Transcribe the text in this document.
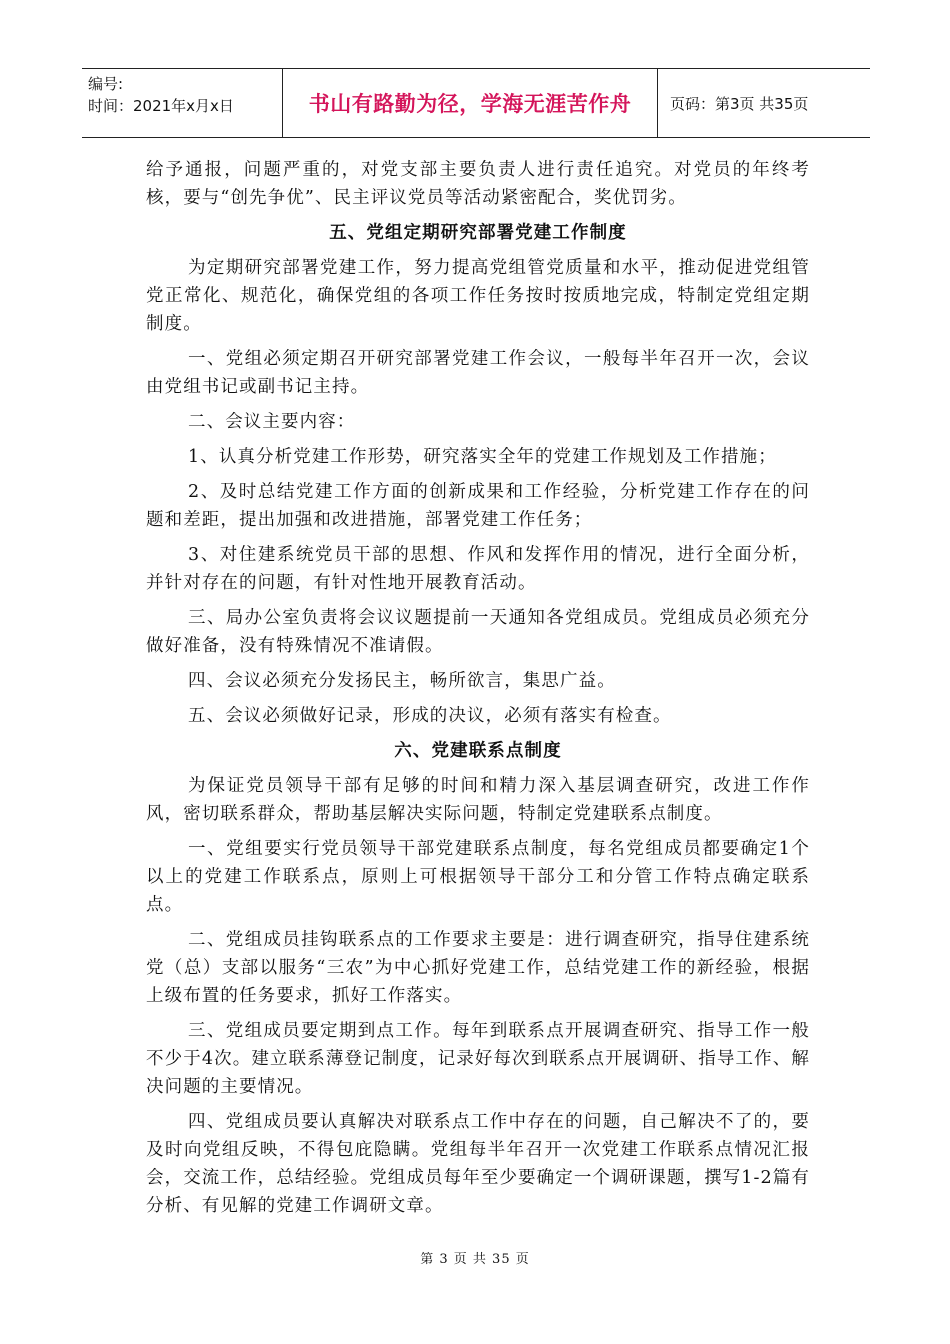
编号:
时间：2021年x月x日	书山有路勤为径，学海无涯苦作舟	页码：第3页 共35页

给予通报，问题严重的，对党支部主要负责人进行责任追究。对党员的年终考核，要与“创先争优”、民主评议党员等活动紧密配合，奖优罚劣。

五、党组定期研究部署党建工作制度

为定期研究部署党建工作，努力提高党组管党质量和水平，推动促进党组管党正常化、规范化，确保党组的各项工作任务按时按质地完成，特制定党组定期制度。

一、党组必须定期召开研究部署党建工作会议，一般每半年召开一次，会议由党组书记或副书记主持。

二、会议主要内容：

1、认真分析党建工作形势，研究落实全年的党建工作规划及工作措施；

2、及时总结党建工作方面的创新成果和工作经验，分析党建工作存在的问题和差距，提出加强和改进措施，部署党建工作任务；

3、对住建系统党员干部的思想、作风和发挥作用的情况，进行全面分析，并针对存在的问题，有针对性地开展教育活动。

三、局办公室负责将会议议题提前一天通知各党组成员。党组成员必须充分做好准备，没有特殊情况不准请假。

四、会议必须充分发扬民主，畅所欲言，集思广益。

五、会议必须做好记录，形成的决议，必须有落实有检查。

六、党建联系点制度

为保证党员领导干部有足够的时间和精力深入基层调查研究，改进工作作风，密切联系群众，帮助基层解决实际问题，特制定党建联系点制度。

一、党组要实行党员领导干部党建联系点制度，每名党组成员都要确定1个以上的党建工作联系点，原则上可根据领导干部分工和分管工作特点确定联系点。

二、党组成员挂钩联系点的工作要求主要是：进行调查研究，指导住建系统党（总）支部以服务“三农”为中心抓好党建工作，总结党建工作的新经验，根据上级布置的任务要求，抓好工作落实。

三、党组成员要定期到点工作。每年到联系点开展调查研究、指导工作一般不少于4次。建立联系薄登记制度，记录好每次到联系点开展调研、指导工作、解决问题的主要情况。

四、党组成员要认真解决对联系点工作中存在的问题，自己解决不了的，要及时向党组反映，不得包庇隐瞒。党组每半年召开一次党建工作联系点情况汇报会，交流工作，总结经验。党组成员每年至少要确定一个调研课题，撰写1-2篇有分析、有见解的党建工作调研文章。

第 3 页 共 35 页
